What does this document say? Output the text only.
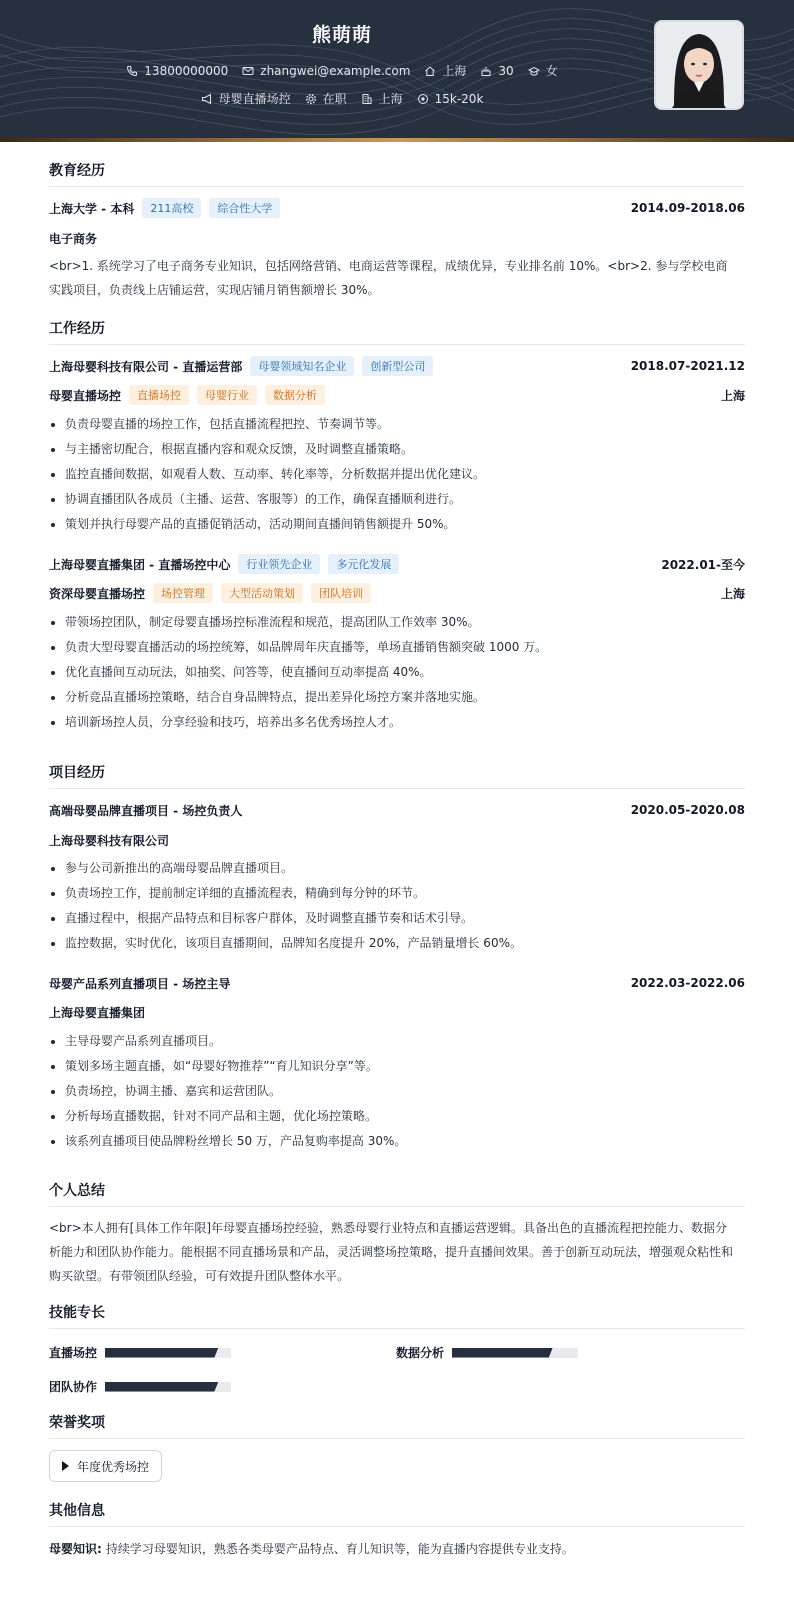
熊萌萌
13800000000	zhangwei@example.com	上海	30	女
母婴直播场控	在职	上海	15k-20k
教育经历
上海大学 - 本科	211高校	综合性大学	2014.09-2018.06
电子商务
<br>1. 系统学习了电子商务专业知识，包括网络营销、电商运营等课程，成绩优异，专业排名前 10%。<br>2. 参与学校电商实践项目，负责线上店铺运营，实现店铺月销售额增长 30%。
工作经历
上海母婴科技有限公司 - 直播运营部	母婴领域知名企业	创新型公司	2018.07-2021.12
母婴直播场控	直播场控	母婴行业	数据分析	上海
负责母婴直播的场控工作，包括直播流程把控、节奏调节等。
与主播密切配合，根据直播内容和观众反馈，及时调整直播策略。
监控直播间数据，如观看人数、互动率、转化率等，分析数据并提出优化建议。
协调直播团队各成员（主播、运营、客服等）的工作，确保直播顺利进行。
策划并执行母婴产品的直播促销活动，活动期间直播间销售额提升 50%。
上海母婴直播集团 - 直播场控中心	行业领先企业	多元化发展	2022.01-至今
资深母婴直播场控	场控管理	大型活动策划	团队培训	上海
带领场控团队，制定母婴直播场控标准流程和规范，提高团队工作效率 30%。
负责大型母婴直播活动的场控统筹，如品牌周年庆直播等，单场直播销售额突破 1000 万。
优化直播间互动玩法，如抽奖、问答等，使直播间互动率提高 40%。
分析竞品直播场控策略，结合自身品牌特点，提出差异化场控方案并落地实施。
培训新场控人员，分享经验和技巧，培养出多名优秀场控人才。
项目经历
高端母婴品牌直播项目 - 场控负责人	2020.05-2020.08
上海母婴科技有限公司
参与公司新推出的高端母婴品牌直播项目。
负责场控工作，提前制定详细的直播流程表，精确到每分钟的环节。
直播过程中，根据产品特点和目标客户群体，及时调整直播节奏和话术引导。
监控数据，实时优化，该项目直播期间，品牌知名度提升 20%，产品销量增长 60%。
母婴产品系列直播项目 - 场控主导	2022.03-2022.06
上海母婴直播集团
主导母婴产品系列直播项目。
策划多场主题直播，如“母婴好物推荐”“育儿知识分享”等。
负责场控，协调主播、嘉宾和运营团队。
分析每场直播数据，针对不同产品和主题，优化场控策略。
该系列直播项目使品牌粉丝增长 50 万，产品复购率提高 30%。
个人总结
<br>本人拥有[具体工作年限]年母婴直播场控经验，熟悉母婴行业特点和直播运营逻辑。具备出色的直播流程把控能力、数据分析能力和团队协作能力。能根据不同直播场景和产品，灵活调整场控策略，提升直播间效果。善于创新互动玩法，增强观众粘性和购买欲望。有带领团队经验，可有效提升团队整体水平。
技能专长
直播场控	数据分析
团队协作
荣誉奖项
年度优秀场控
其他信息
母婴知识: 持续学习母婴知识，熟悉各类母婴产品特点、育儿知识等，能为直播内容提供专业支持。
